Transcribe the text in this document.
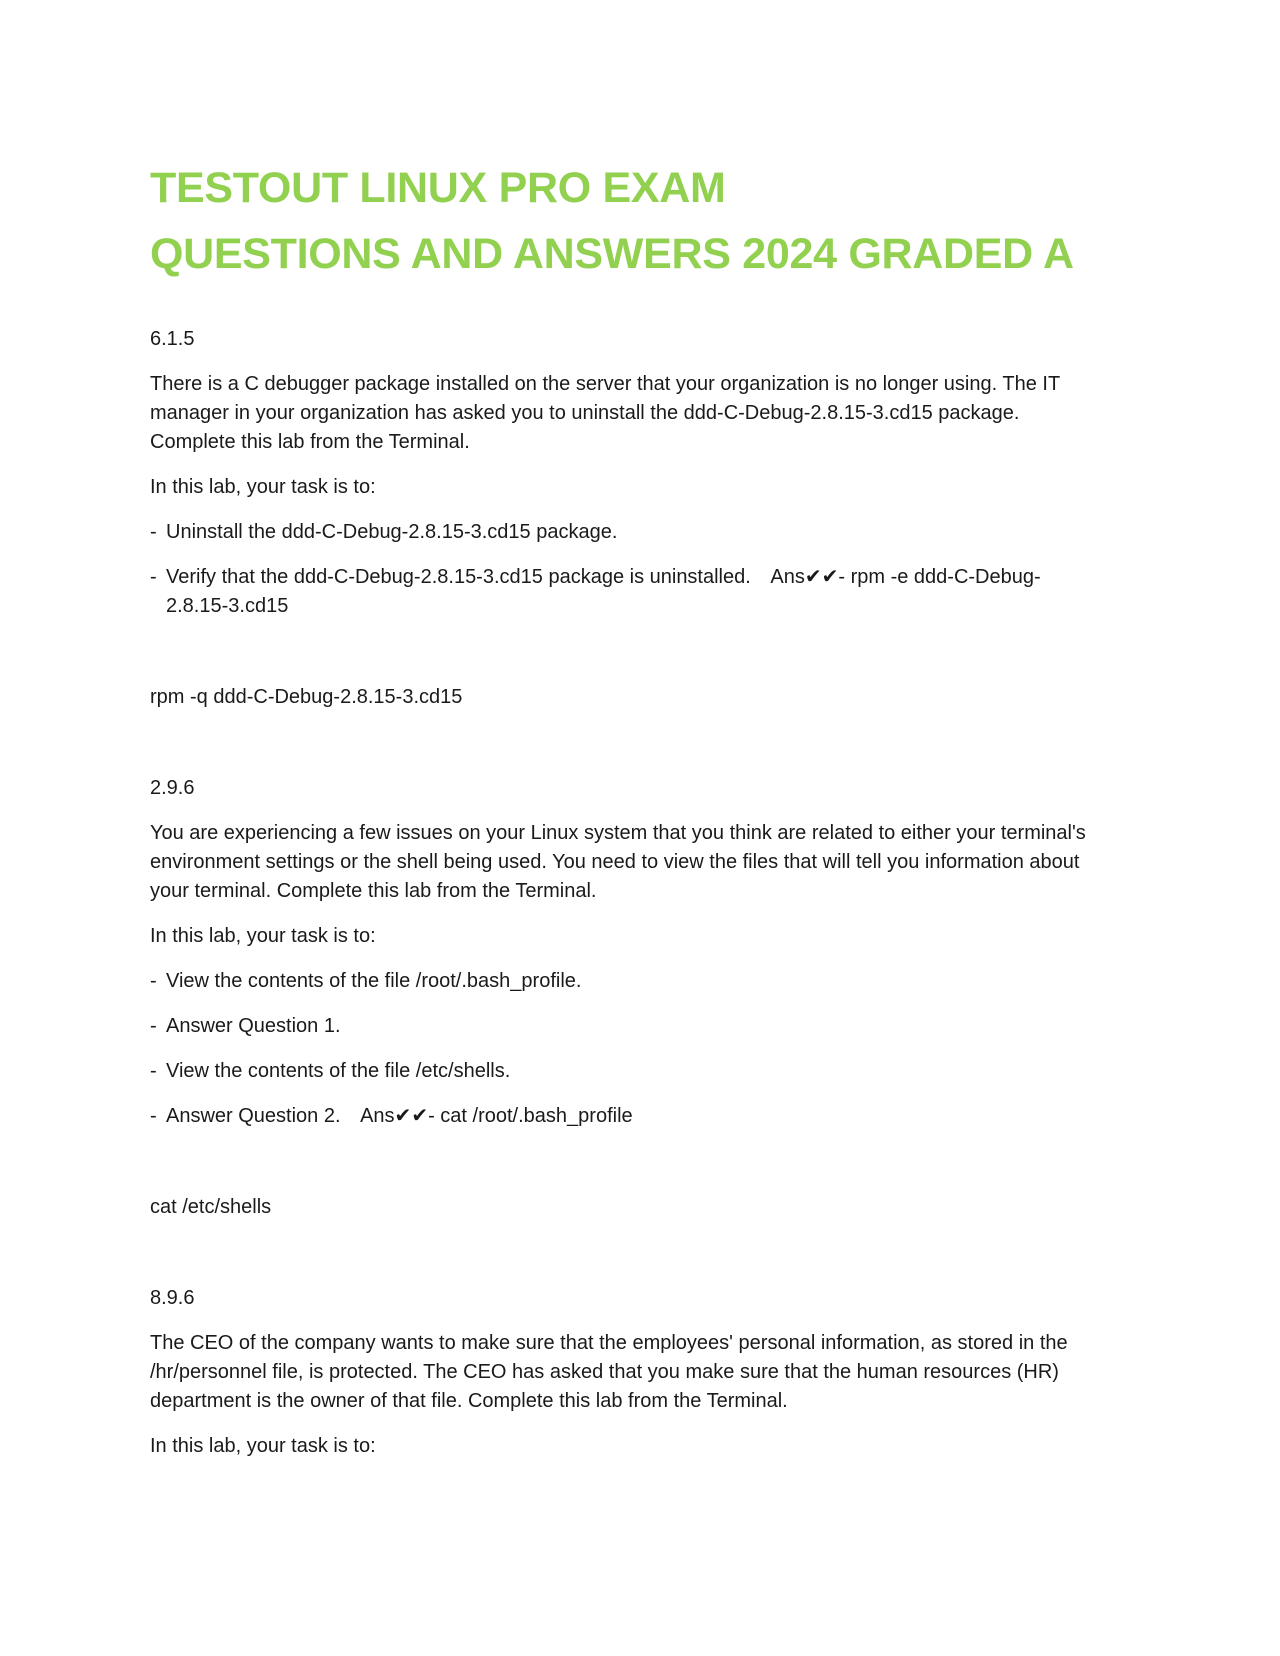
TESTOUT LINUX PRO EXAM
QUESTIONS AND ANSWERS 2024 GRADED A
6.1.5
There is a C debugger package installed on the server that your organization is no longer using. The IT manager in your organization has asked you to uninstall the ddd-C-Debug-2.8.15-3.cd15 package. Complete this lab from the Terminal.
In this lab, your task is to:
- Uninstall the ddd-C-Debug-2.8.15-3.cd15 package.
- Verify that the ddd-C-Debug-2.8.15-3.cd15 package is uninstalled. Ans✔✔- rpm -e ddd-C-Debug-2.8.15-3.cd15
rpm -q ddd-C-Debug-2.8.15-3.cd15
2.9.6
You are experiencing a few issues on your Linux system that you think are related to either your terminal's environment settings or the shell being used. You need to view the files that will tell you information about your terminal. Complete this lab from the Terminal.
In this lab, your task is to:
- View the contents of the file /root/.bash_profile.
- Answer Question 1.
- View the contents of the file /etc/shells.
- Answer Question 2. Ans✔✔- cat /root/.bash_profile
cat /etc/shells
8.9.6
The CEO of the company wants to make sure that the employees' personal information, as stored in the /hr/personnel file, is protected. The CEO has asked that you make sure that the human resources (HR) department is the owner of that file. Complete this lab from the Terminal.
In this lab, your task is to:
